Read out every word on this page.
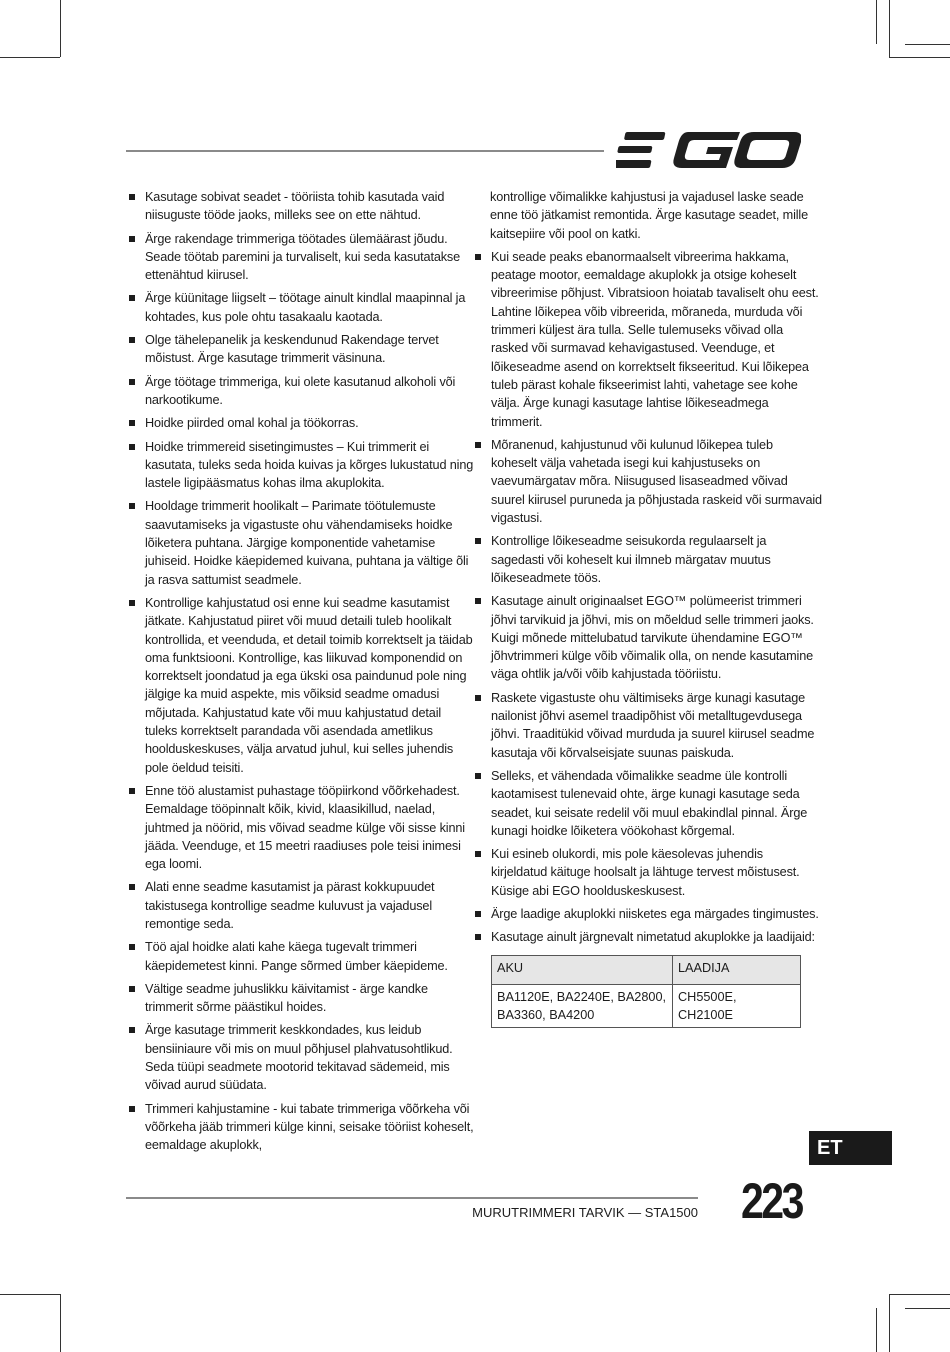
Kasutage sobivat seadet - tööriista tohib kasutada vaid niisuguste tööde jaoks, milleks see on ette nähtud.
Ärge rakendage trimmeriga töötades ülemäärast jõudu. Seade töötab paremini ja turvaliselt, kui seda kasutatakse ettenähtud kiirusel.
Ärge küünitage liigselt – töötage ainult kindlal maapinnal ja kohtades, kus pole ohtu tasakaalu kaotada.
Olge tähelepanelik ja keskendunud Rakendage tervet mõistust. Ärge kasutage trimmerit väsinuna.
Ärge töötage trimmeriga, kui olete kasutanud alkoholi või narkootikume.
Hoidke piirded omal kohal ja töökorras.
Hoidke trimmereid sisetingimustes – Kui trimmerit ei kasutata, tuleks seda hoida kuivas ja kõrges lukustatud ning lastele ligipääsmatus kohas ilma akuplokita.
Hooldage trimmerit hoolikalt – Parimate töötulemuste saavutamiseks ja vigastuste ohu vähendamiseks hoidke lõiketera puhtana. Järgige komponentide vahetamise juhiseid. Hoidke käepidemed kuivana, puhtana ja vältige õli ja rasva sattumist seadmele.
Kontrollige kahjustatud osi enne kui seadme kasutamist jätkate. Kahjustatud piiret või muud detaili tuleb hoolikalt kontrollida, et veenduda, et detail toimib korrektselt ja täidab oma funktsiooni. Kontrollige, kas liikuvad komponendid on korrektselt joondatud ja ega ükski osa paindunud pole ning jälgige ka muid aspekte, mis võiksid seadme omadusi mõjutada. Kahjustatud kate või muu kahjustatud detail tuleks korrektselt parandada või asendada ametlikus hoolduskeskuses, välja arvatud juhul, kui selles juhendis pole öeldud teisiti.
Enne töö alustamist puhastage tööpiirkond võõrkehadest. Eemaldage tööpinnalt kõik, kivid, klaasikillud, naelad, juhtmed ja nöörid, mis võivad seadme külge või sisse kinni jääda. Veenduge, et 15 meetri raadiuses pole teisi inimesi ega loomi.
Alati enne seadme kasutamist ja pärast kokkupuudet takistusega kontrollige seadme kuluvust ja vajadusel remontige seda.
Töö ajal hoidke alati kahe käega tugevalt trimmeri käepidemetest kinni. Pange sõrmed ümber käepideme.
Vältige seadme juhuslikku käivitamist - ärge kandke trimmerit sõrme päästikul hoides.
Ärge kasutage trimmerit keskkondades, kus leidub bensiiniaure või mis on muul põhjusel plahvatusohtlikud. Seda tüüpi seadmete mootorid tekitavad sädemeid, mis võivad aurud süüdata.
Trimmeri kahjustamine - kui tabate trimmeriga võõrkeha või võõrkeha jääb trimmeri külge kinni, seisake tööriist koheselt, eemaldage akuplokk,
kontrollige võimalikke kahjustusi ja vajadusel laske seade enne töö jätkamist remontida. Ärge kasutage seadet, mille kaitsepiire või pool on katki.
Kui seade peaks ebanormaalselt vibreerima hakkama, peatage mootor, eemaldage akuplokk ja otsige koheselt vibreerimise põhjust. Vibratsioon hoiatab tavaliselt ohu eest. Lahtine lõikepea võib vibreerida, mõraneda, murduda või trimmeri küljest ära tulla. Selle tulemuseks võivad olla rasked või surmavad kehavigastused. Veenduge, et lõikeseadme asend on korrektselt fikseeritud. Kui lõikepea tuleb pärast kohale fikseerimist lahti, vahetage see kohe välja. Ärge kunagi kasutage lahtise lõikeseadmega trimmerit.
Mõranenud, kahjustunud või kulunud lõikepea tuleb koheselt välja vahetada isegi kui kahjustuseks on vaevumärgatav mõra. Niisugused lisaseadmed võivad suurel kiirusel puruneda ja põhjustada raskeid või surmavaid vigastusi.
Kontrollige lõikeseadme seisukorda regulaarselt ja sagedasti või koheselt kui ilmneb märgatav muutus lõikeseadmete töös.
Kasutage ainult originaalset EGO™ polümeerist trimmeri jõhvi tarvikuid ja jõhvi, mis on mõeldud selle trimmeri jaoks. Kuigi mõnede mittelubatud tarvikute ühendamine EGO™ jõhvtrimmeri külge võib võimalik olla, on nende kasutamine väga ohtlik ja/või võib kahjustada tööriistu.
Raskete vigastuste ohu vältimiseks ärge kunagi kasutage nailonist jõhvi asemel traadipõhist või metalltugevdusega jõhvi. Traaditükid võivad murduda ja suurel kiirusel seadme kasutaja või kõrvalseisjate suunas paiskuda.
Selleks, et vähendada võimalikke seadme üle kontrolli kaotamisest tulenevaid ohte, ärge kunagi kasutage seda seadet, kui seisate redelil või muul ebakindlal pinnal. Ärge kunagi hoidke lõiketera vöökohast kõrgemal.
Kui esineb olukordi, mis pole käesolevas juhendis kirjeldatud käituge hoolsalt ja lähtuge tervest mõistusest. Küsige abi EGO hoolduskeskusest.
Ärge laadige akuplokki niisketes ega märgades tingimustes.
Kasutage ainult järgnevalt nimetatud akuplokke ja laadijaid:
AKU	LAADIJA
BA1120E, BA2240E, BA2800, BA3360, BA4200	CH5500E, CH2100E
ET
MURUTRIMMERI TARVIK — STA1500 223
